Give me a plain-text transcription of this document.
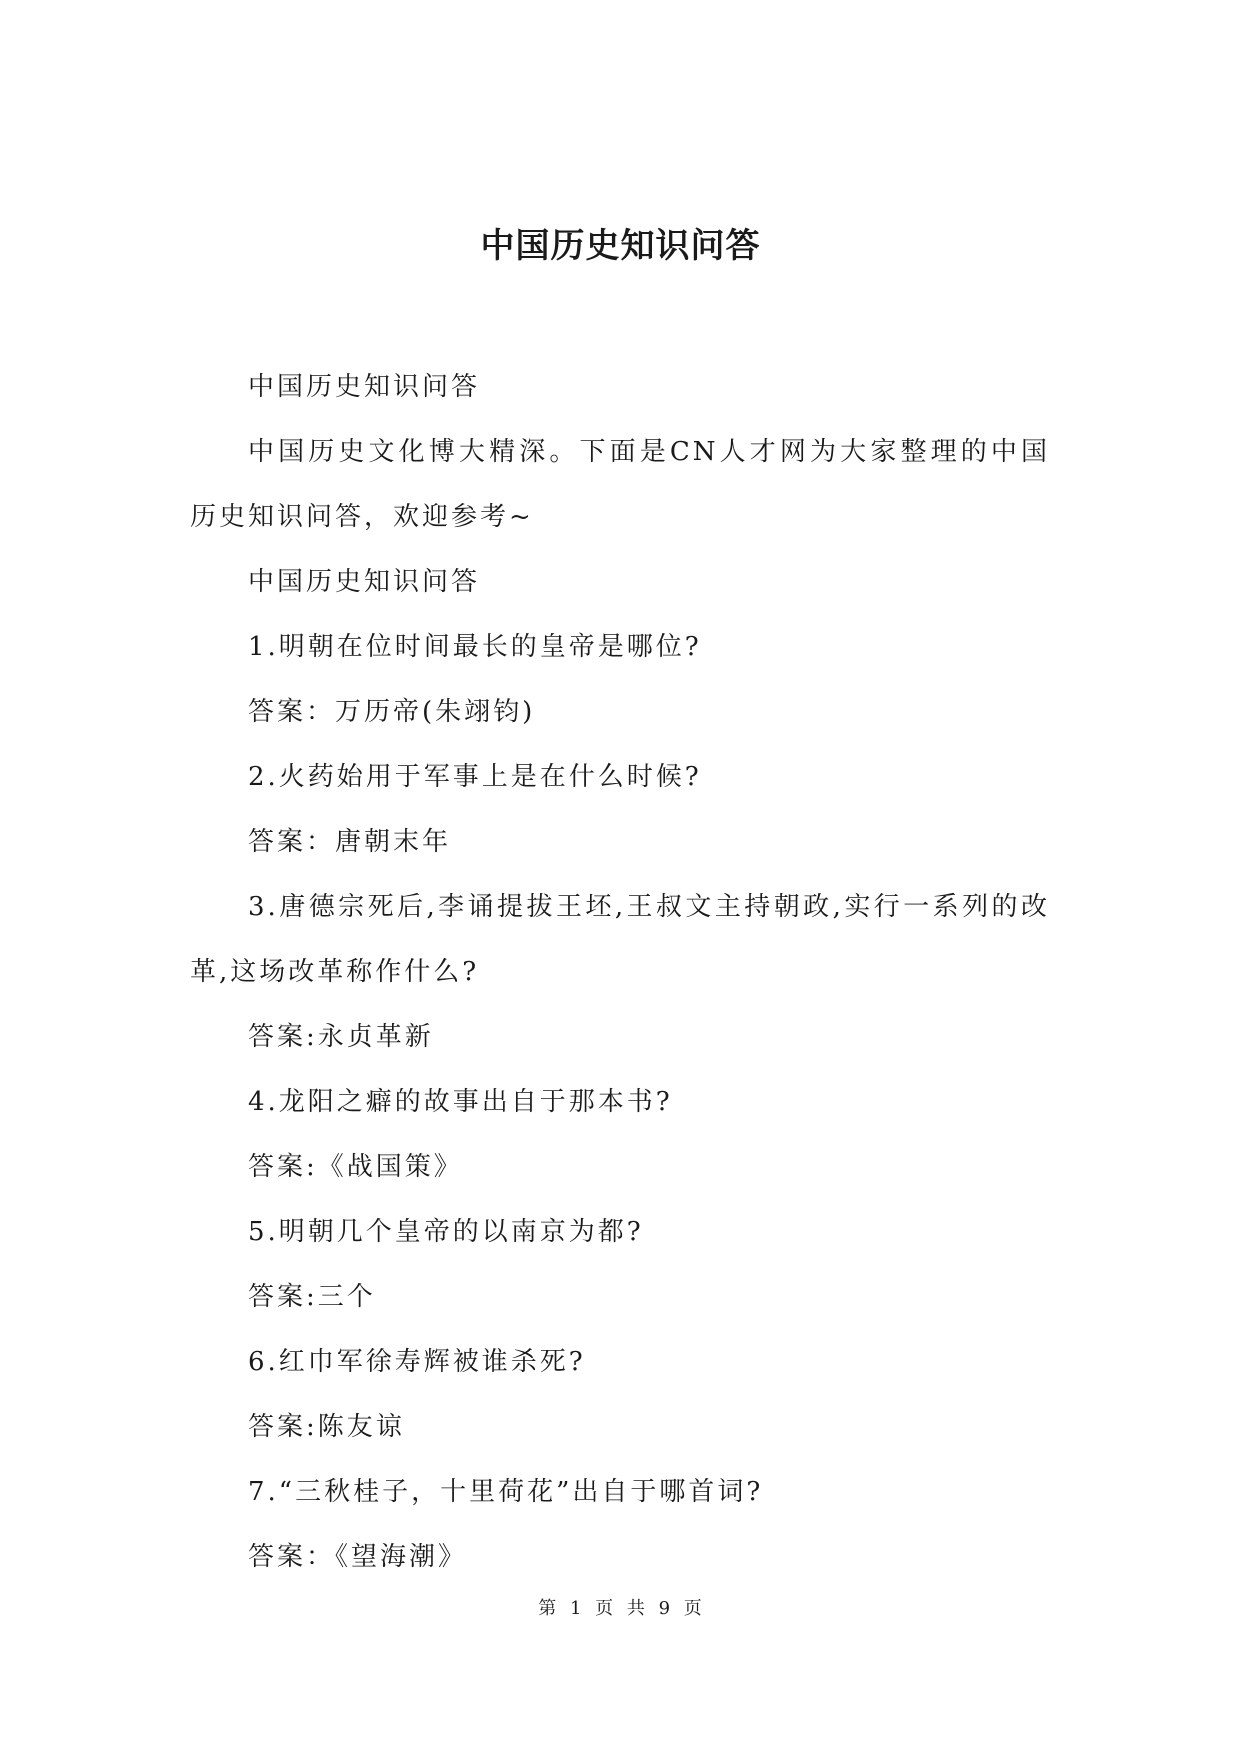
中国历史知识问答

中国历史知识问答

中国历史文化博大精深。下面是CN人才网为大家整理的中国历史知识问答，欢迎参考~

中国历史知识问答

1.明朝在位时间最长的皇帝是哪位?

答案：万历帝(朱翊钧)

2.火药始用于军事上是在什么时候?

答案：唐朝末年

3.唐德宗死后,李诵提拔王坯,王叔文主持朝政,实行一系列的改革,这场改革称作什么?

答案:永贞革新

4.龙阳之癖的故事出自于那本书?

答案:《战国策》

5.明朝几个皇帝的以南京为都?

答案:三个

6.红巾军徐寿辉被谁杀死?

答案:陈友谅

7.“三秋桂子，十里荷花”出自于哪首词?

答案：《望海潮》

第 1 页 共 9 页
